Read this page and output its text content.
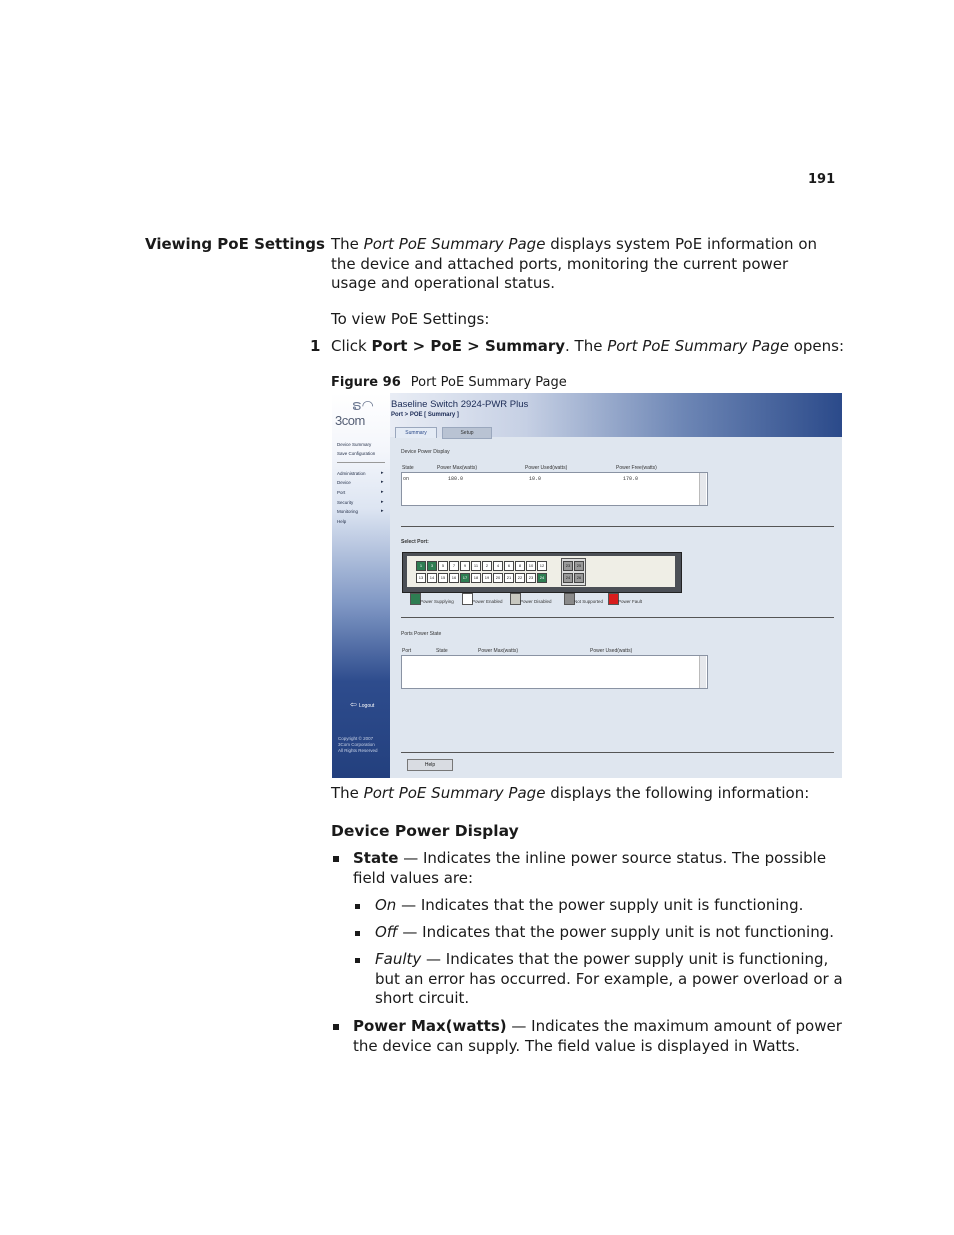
191
Viewing PoE Settings The Port PoE Summary Page displays system PoE information on the device and attached ports, monitoring the current power usage and operational status.
To view PoE Settings:
1 Click Port > PoE > Summary. The Port PoE Summary Page opens:
Figure 96 Port PoE Summary Page
ຣ◠
3com
Baseline Switch 2924-PWR Plus
Port > POE [ Summary ]
Summary	Setup
Device Summary
Save Configuration
Administration	▸
Device	▸
Port	▸
Security	▸
Monitoring	▸
Help
⇦ Logout
Copyright © 2007
3Com Corporation
All Rights Reserved
Device Power Display
State	Power Max(watts)	Power Used(watts)	Power Free(watts)
on	180.0	10.0	170.0
Select Port:
Ports Power State
Port	State	Power Max(watts)	Power Used(watts)
Help
1	3	5	7	9	11	2	4	6	8	10	12
13	14	15	16	17	18	19	20	21	22	23	24
23	25
24	26
Power Supplying	Power Enabled	Power Disabled	Not Supported	Power Fault
The Port PoE Summary Page displays the following information:
Device Power Display
State — Indicates the inline power source status. The possible field values are:
On — Indicates that the power supply unit is functioning.
Off — Indicates that the power supply unit is not functioning.
Faulty — Indicates that the power supply unit is functioning, but an error has occurred. For example, a power overload or a short circuit.
Power Max(watts) — Indicates the maximum amount of power the device can supply. The field value is displayed in Watts.
